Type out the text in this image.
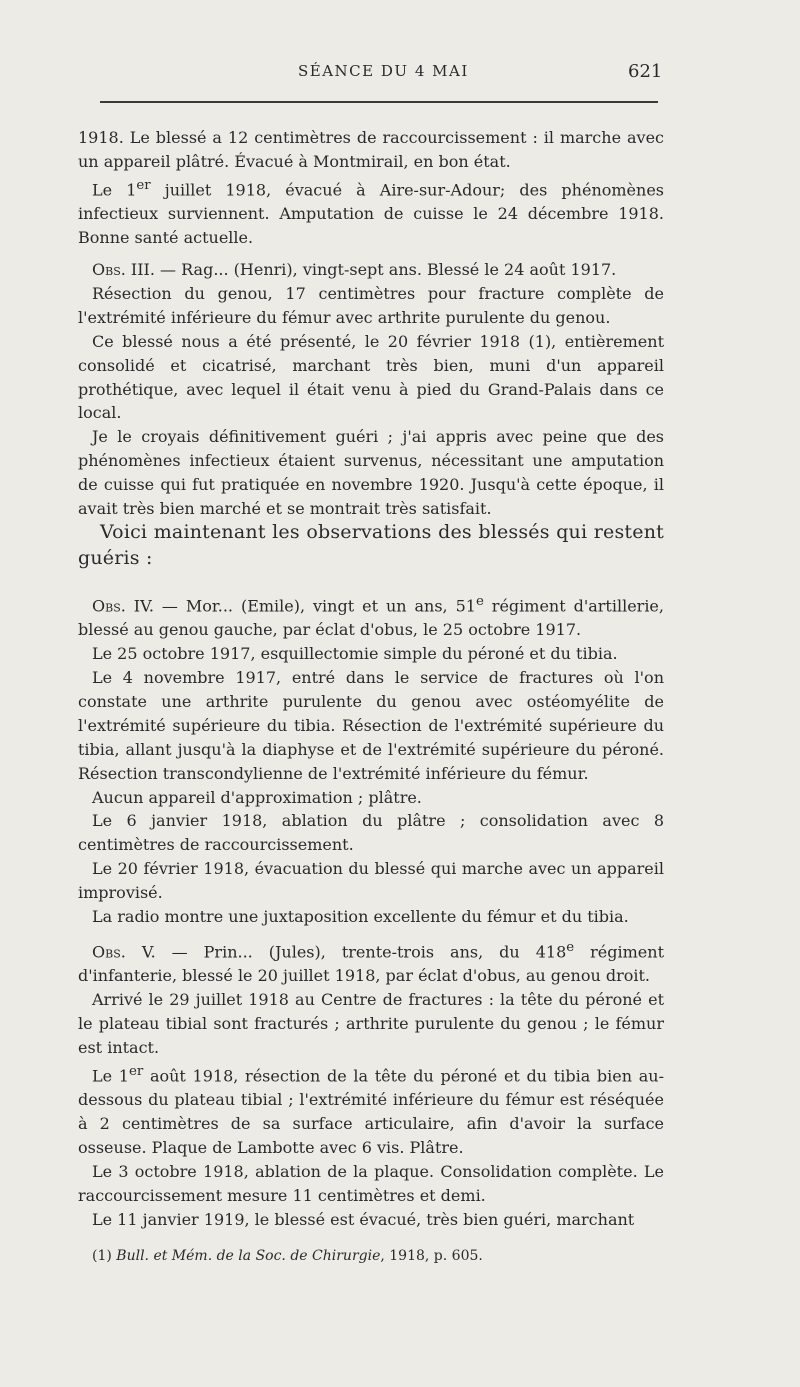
SÉANCE DU 4 MAI	621

1918. Le blessé a 12 centimètres de raccourcissement : il marche avec un appareil plâtré. Évacué à Montmirail, en bon état.

Le 1er juillet 1918, évacué à Aire-sur-Adour; des phénomènes infectieux surviennent. Amputation de cuisse le 24 décembre 1918. Bonne santé actuelle.

Obs. III. — Rag... (Henri), vingt-sept ans. Blessé le 24 août 1917.

Résection du genou, 17 centimètres pour fracture complète de l'extrémité inférieure du fémur avec arthrite purulente du genou.

Ce blessé nous a été présenté, le 20 février 1918 (1), entièrement consolidé et cicatrisé, marchant très bien, muni d'un appareil prothétique, avec lequel il était venu à pied du Grand-Palais dans ce local.

Je le croyais définitivement guéri ; j'ai appris avec peine que des phénomènes infectieux étaient survenus, nécessitant une amputation de cuisse qui fut pratiquée en novembre 1920. Jusqu'à cette époque, il avait très bien marché et se montrait très satisfait.

Voici maintenant les observations des blessés qui restent guéris :

Obs. IV. — Mor... (Emile), vingt et un ans, 51e régiment d'artillerie, blessé au genou gauche, par éclat d'obus, le 25 octobre 1917.

Le 25 octobre 1917, esquillectomie simple du péroné et du tibia.

Le 4 novembre 1917, entré dans le service de fractures où l'on constate une arthrite purulente du genou avec ostéomyélite de l'extrémité supérieure du tibia. Résection de l'extrémité supérieure du tibia, allant jusqu'à la diaphyse et de l'extrémité supérieure du péroné. Résection transcondylienne de l'extrémité inférieure du fémur.

Aucun appareil d'approximation ; plâtre.

Le 6 janvier 1918, ablation du plâtre ; consolidation avec 8 centimètres de raccourcissement.

Le 20 février 1918, évacuation du blessé qui marche avec un appareil improvisé.

La radio montre une juxtaposition excellente du fémur et du tibia.

Obs. V. — Prin... (Jules), trente-trois ans, du 418e régiment d'infanterie, blessé le 20 juillet 1918, par éclat d'obus, au genou droit.

Arrivé le 29 juillet 1918 au Centre de fractures : la tête du péroné et le plateau tibial sont fracturés ; arthrite purulente du genou ; le fémur est intact.

Le 1er août 1918, résection de la tête du péroné et du tibia bien au-dessous du plateau tibial ; l'extrémité inférieure du fémur est réséquée à 2 centimètres de sa surface articulaire, afin d'avoir la surface osseuse. Plaque de Lambotte avec 6 vis. Plâtre.

Le 3 octobre 1918, ablation de la plaque. Consolidation complète. Le raccourcissement mesure 11 centimètres et demi.

Le 11 janvier 1919, le blessé est évacué, très bien guéri, marchant

(1) Bull. et Mém. de la Soc. de Chirurgie, 1918, p. 605.
